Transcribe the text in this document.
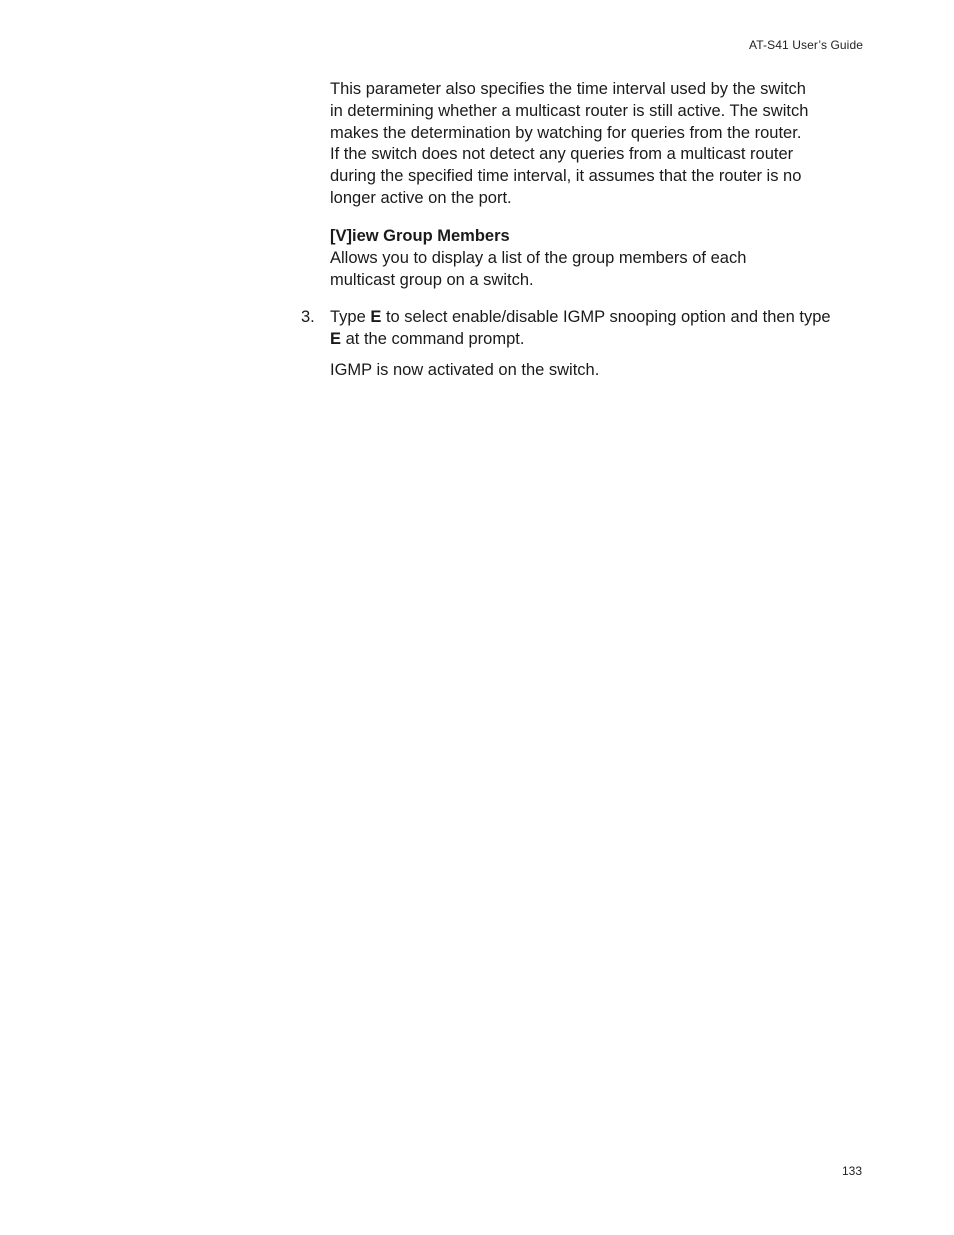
AT-S41 User’s Guide
This parameter also specifies the time interval used by the switch
in determining whether a multicast router is still active. The switch
makes the determination by watching for queries from the router.
If the switch does not detect any queries from a multicast router
during the specified time interval, it assumes that the router is no
longer active on the port.
[V]iew Group Members
Allows you to display a list of the group members of each
multicast group on a switch.
3. Type E to select enable/disable IGMP snooping option and then type
E at the command prompt.
IGMP is now activated on the switch.
133
